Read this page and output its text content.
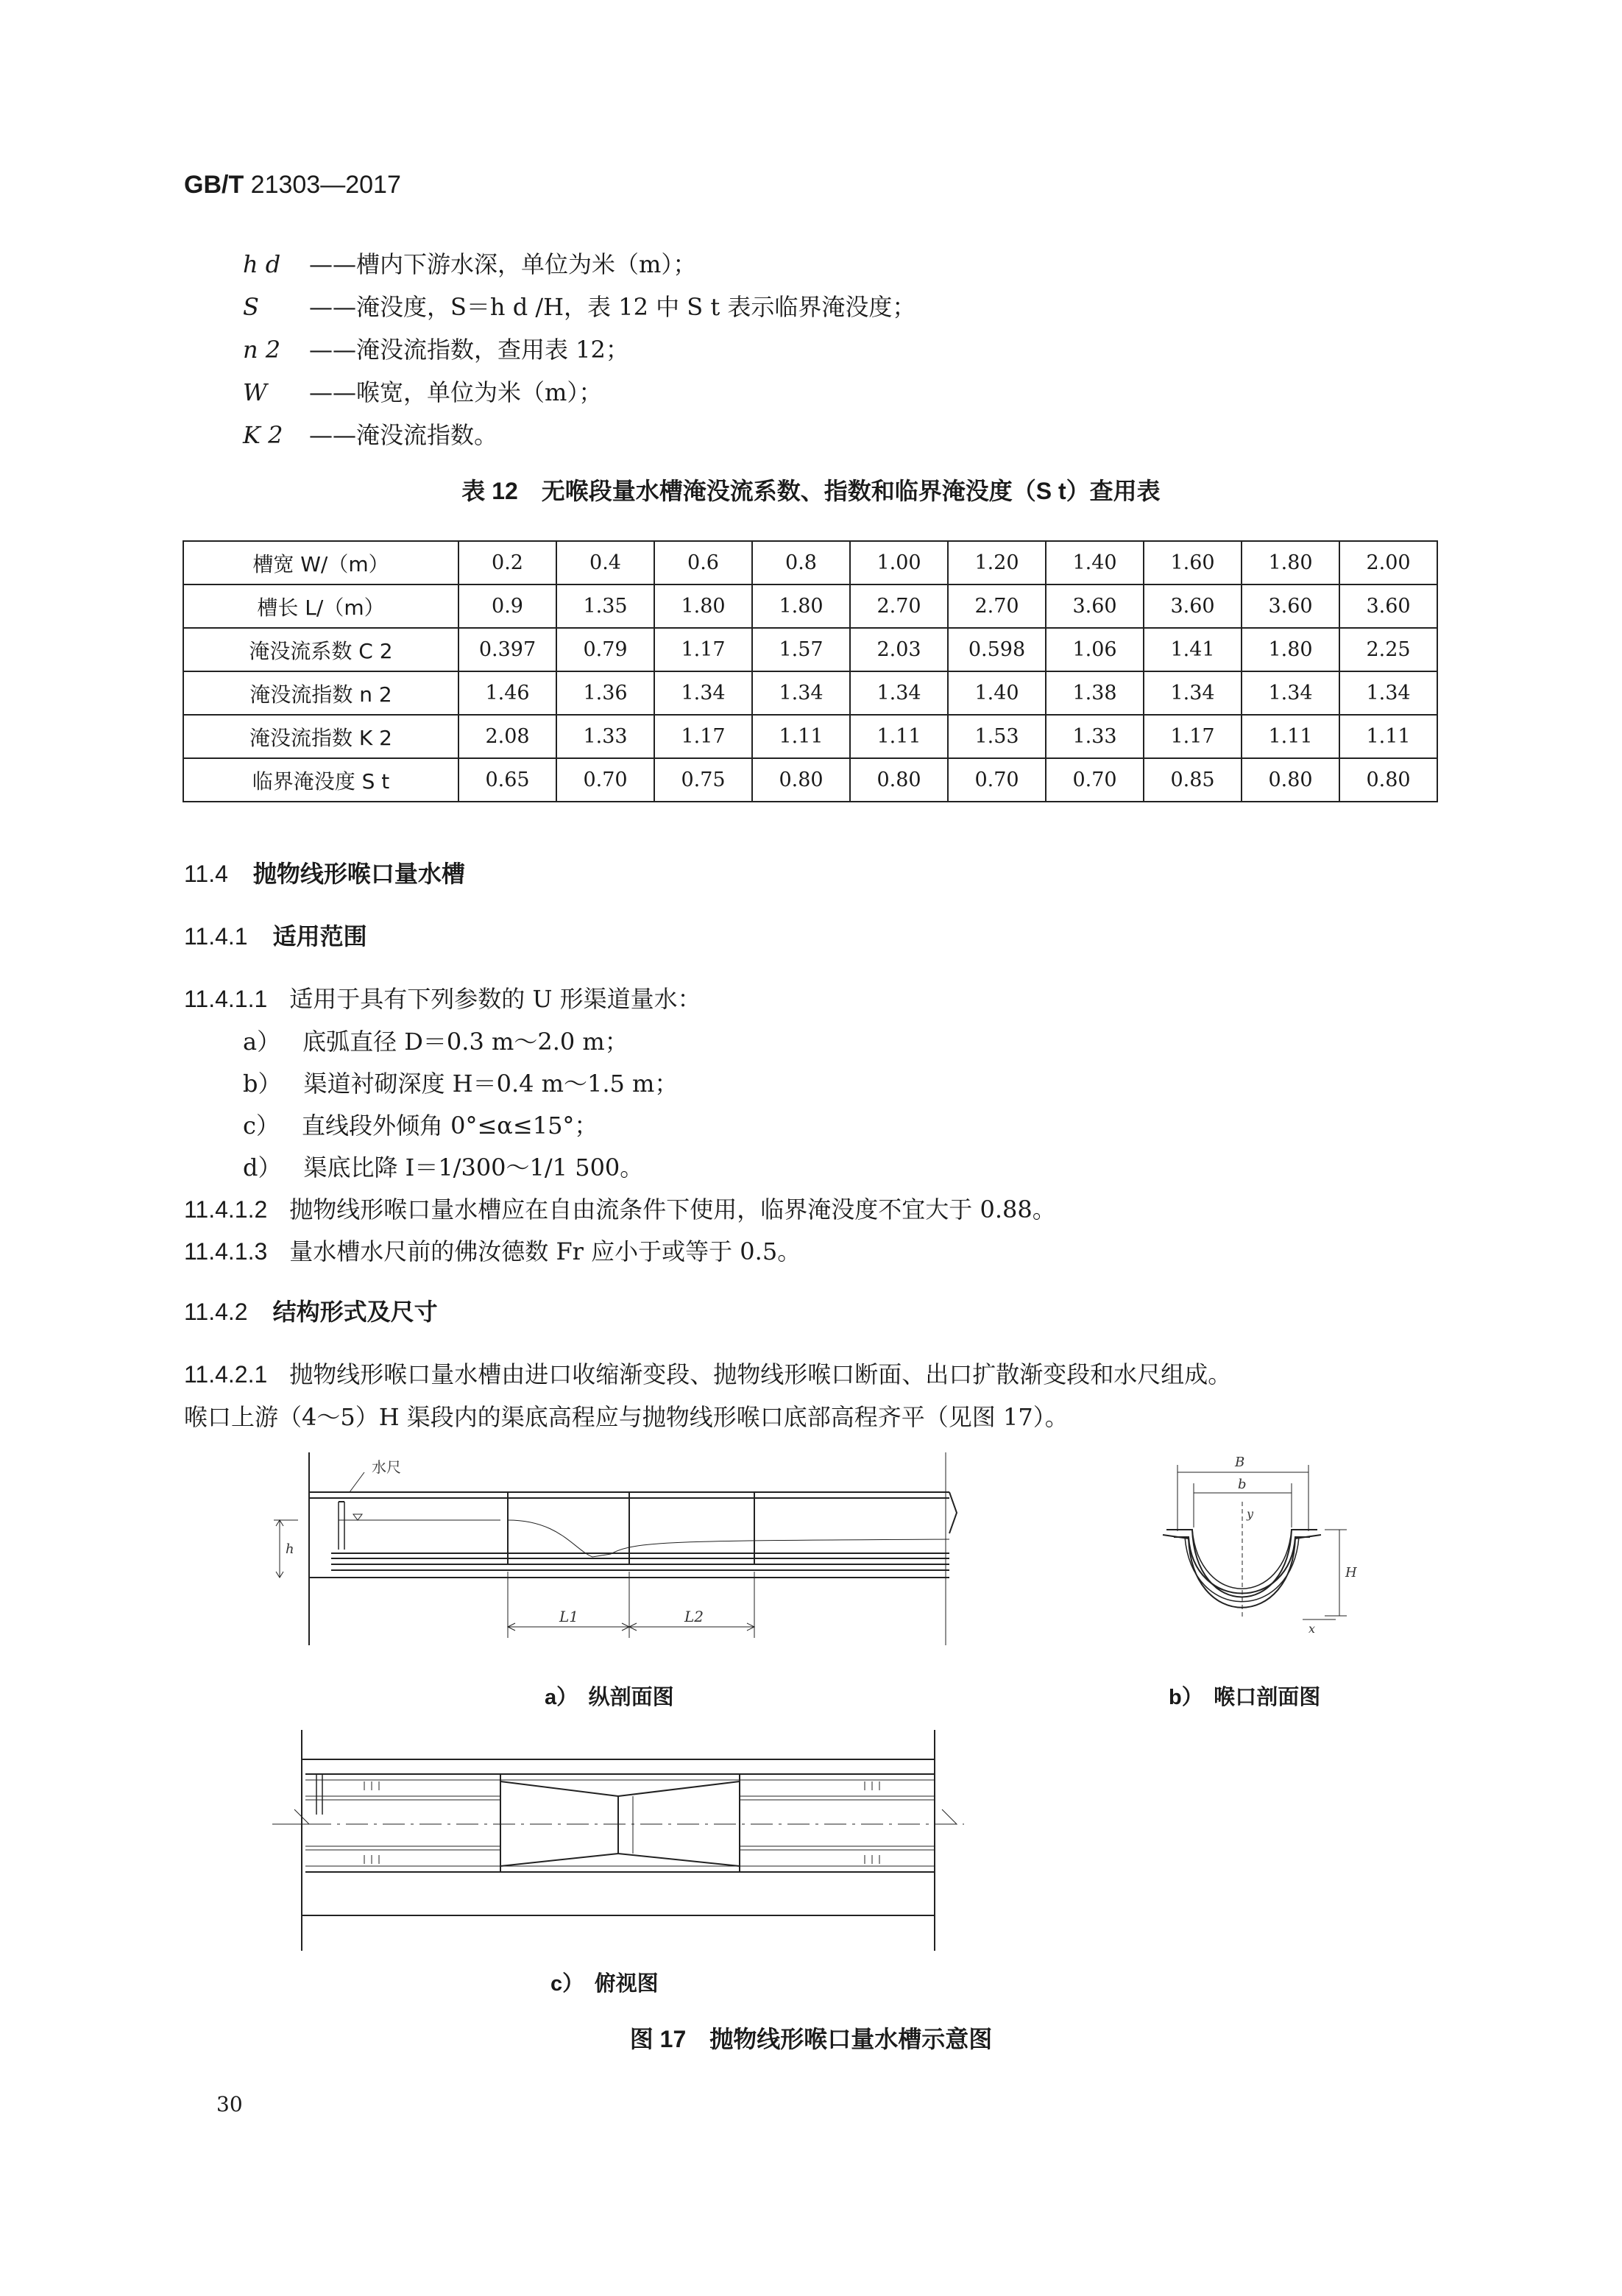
GB/T 21303—2017
h d ——槽内下游水深，单位为米（m）；
S ——淹没度，S＝h d /H，表 12 中 S t 表示临界淹没度；
n 2 ——淹没流指数，查用表 12；
W ——喉宽，单位为米（m）；
K 2 ——淹没流指数。
表 12　无喉段量水槽淹没流系数、指数和临界淹没度（S t）查用表
槽宽 W/（m）	0.2	0.4	0.6	0.8	1.00	1.20	1.40	1.60	1.80	2.00
槽长 L/（m）	0.9	1.35	1.80	1.80	2.70	2.70	3.60	3.60	3.60	3.60
淹没流系数 C 2	0.397	0.79	1.17	1.57	2.03	0.598	1.06	1.41	1.80	2.25
淹没流指数 n 2	1.46	1.36	1.34	1.34	1.34	1.40	1.38	1.34	1.34	1.34
淹没流指数 K 2	2.08	1.33	1.17	1.11	1.11	1.53	1.33	1.17	1.11	1.11
临界淹没度 S t	0.65	0.70	0.75	0.80	0.80	0.70	0.70	0.85	0.80	0.80
11.4 抛物线形喉口量水槽
11.4.1 适用范围
11.4.1.1 适用于具有下列参数的 U 形渠道量水：
a） 底弧直径 D＝0.3 m～2.0 m；
b） 渠道衬砌深度 H＝0.4 m～1.5 m；
c） 直线段外倾角 0°≤α≤15°；
d） 渠底比降 I＝1/300～1/1 500。
11.4.1.2 抛物线形喉口量水槽应在自由流条件下使用，临界淹没度不宜大于 0.88。
11.4.1.3 量水槽水尺前的佛汝德数 Fr 应小于或等于 0.5。
11.4.2 结构形式及尺寸
11.4.2.1 抛物线形喉口量水槽由进口收缩渐变段、抛物线形喉口断面、出口扩散渐变段和水尺组成。
喉口上游（4～5）H 渠段内的渠底高程应与抛物线形喉口底部高程齐平（见图 17）。
水尺
L1	L2
h
B
b
H
y
x
a）　纵剖面图	b）　喉口剖面图
c）　俯视图
图 17　抛物线形喉口量水槽示意图
30
